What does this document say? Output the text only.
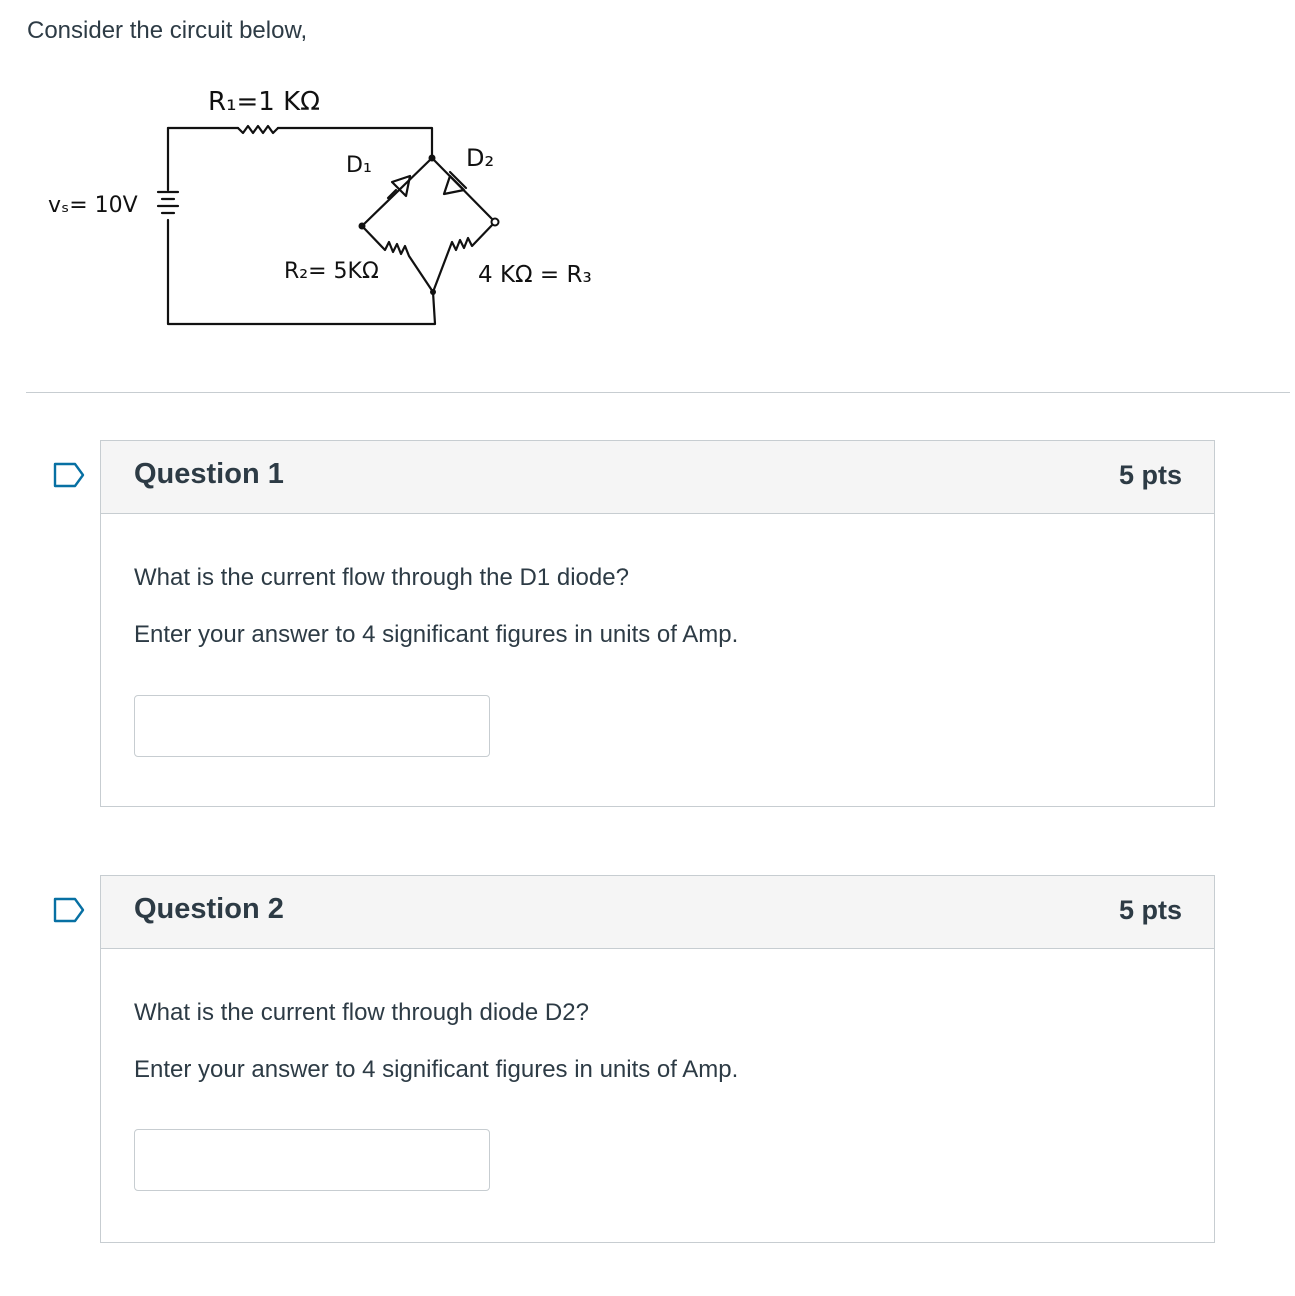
Consider the circuit below,
R₁=1 KΩ
vₛ= 10V
D₁	D₂
R₂= 5KΩ	4 KΩ = R₃
Question 1	5 pts
What is the current flow through the D1 diode?
Enter your answer to 4 significant figures in units of Amp.
Question 2	5 pts
What is the current flow through diode D2?
Enter your answer to 4 significant figures in units of Amp.
